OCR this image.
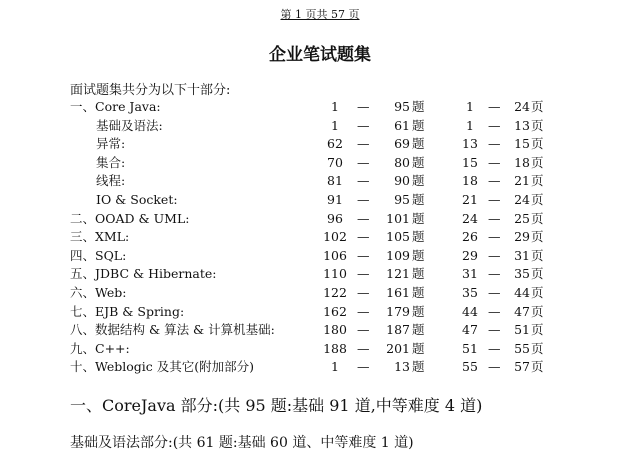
第 1 页共 57 页
企业笔试题集
面试题集共分为以下十部分:
一、Core Java:	1	—	95 题	1	—	24 页
基础及语法:	1	—	61 题	1	—	13 页
异常:	62	—	69 题	13 —	15 页
集合:	70	—	80 题	15 —	18 页
线程:	81	—	90 题	18 —	21 页
IO & Socket:	91	—	95 题	21 —	24 页
二、OOAD & UML:	96	—	101 题	24 —	25 页
三、XML:	102 —	105 题	26 —	29 页
四、SQL:	106 —	109 题	29 —	31 页
五、JDBC & Hibernate:	110 —	121 题	31 —	35 页
六、Web:	122 —	161 题	35 —	44 页
七、EJB & Spring:	162 —	179 题	44 —	47 页
八、数据结构 & 算法 & 计算机基础:	180 —	187 题	47 —	51 页
九、C++:	188 —	201 题	51 —	55 页
十、Weblogic 及其它(附加部分)	1	—	13 题	55 —	57 页
一、CoreJava 部分:(共 95 题:基础 91 道,中等难度 4 道)
基础及语法部分:(共 61 题:基础 60 道、中等难度 1 道)
